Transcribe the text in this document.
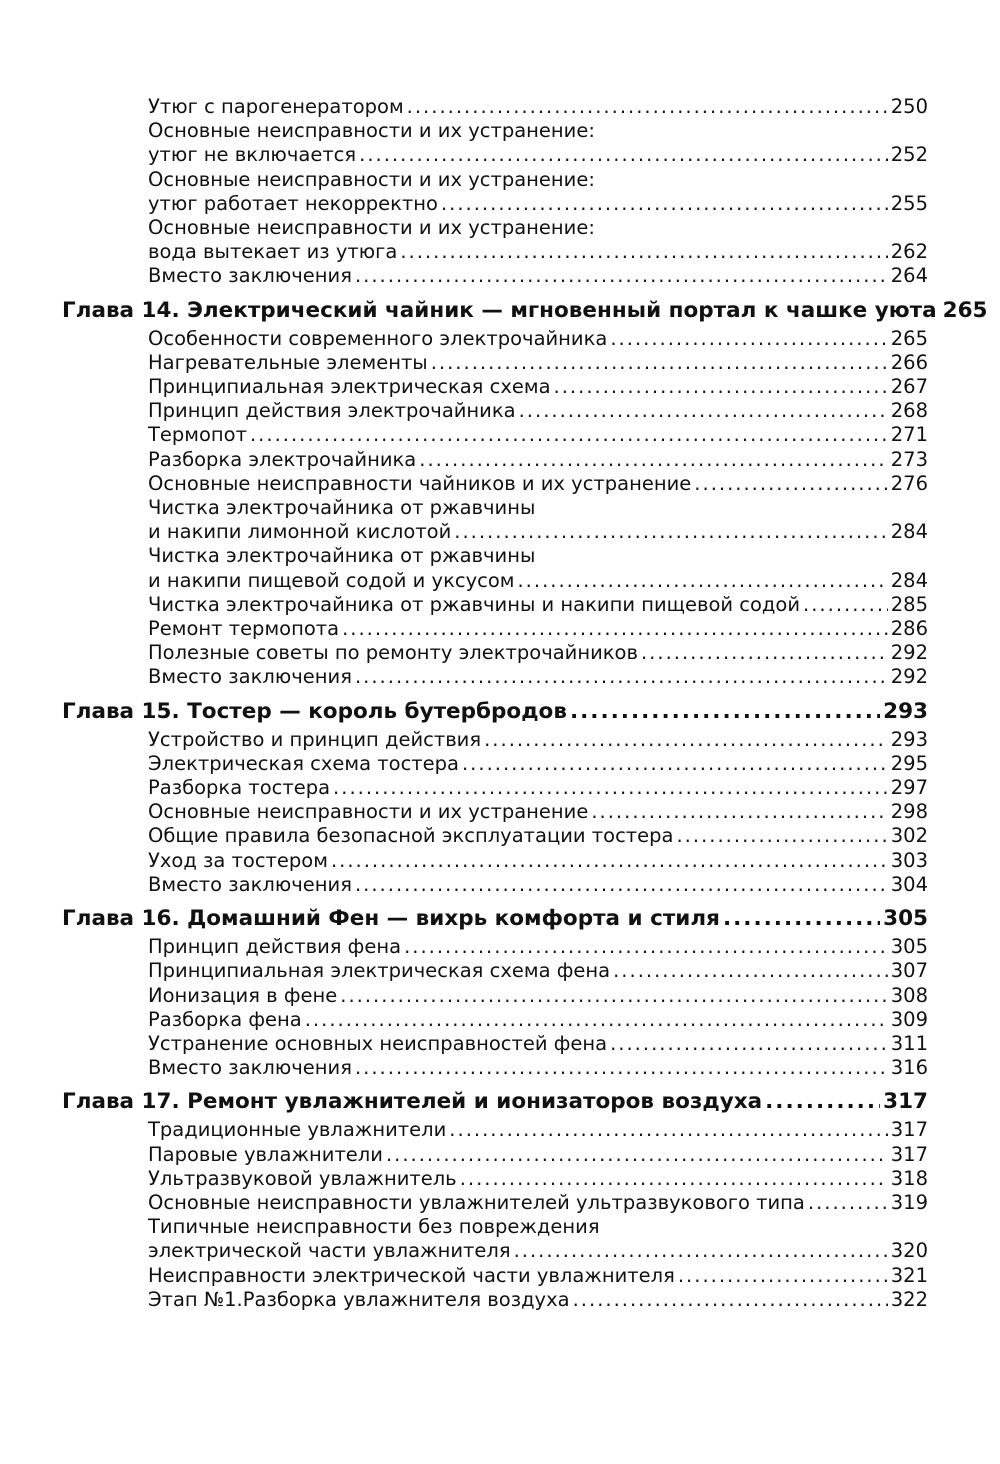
Утюг с парогенератором .....	250
Основные неисправности и их устранение:
утюг не включается .....	252
Основные неисправности и их устранение:
утюг работает некорректно .....	255
Основные неисправности и их устранение:
вода вытекает из утюга .....	262
Вместо заключения .....	264
Глава 14. Электрический чайник — мгновенный портал к чашке уюта 265
Особенности современного электрочайника .....	265
Нагревательные элементы .....	266
Принципиальная электрическая схема .....	267
Принцип действия электрочайника .....	268
Термопот .....	271
Разборка электрочайника .....	273
Основные неисправности чайников и их устранение .....	276
Чистка электрочайника от ржавчины
и накипи лимонной кислотой .....	284
Чистка электрочайника от ржавчины
и накипи пищевой содой и уксусом .....	284
Чистка электрочайника от ржавчины и накипи пищевой содой .....	285
Ремонт термопота .....	286
Полезные советы по ремонту электрочайников .....	292
Вместо заключения .....	292
Глава 15. Тостер — король бутербродов .....	293
Устройство и принцип действия .....	293
Электрическая схема тостера .....	295
Разборка тостера .....	297
Основные неисправности и их устранение .....	298
Общие правила безопасной эксплуатации тостера .....	302
Уход за тостером .....	303
Вместо заключения .....	304
Глава 16. Домашний Фен — вихрь комфорта и стиля .....	305
Принцип действия фена .....	305
Принципиальная электрическая схема фена .....	307
Ионизация в фене .....	308
Разборка фена .....	309
Устранение основных неисправностей фена .....	311
Вместо заключения .....	316
Глава 17. Ремонт увлажнителей и ионизаторов воздуха .....	317
Традиционные увлажнители .....	317
Паровые увлажнители .....	317
Ультразвуковой увлажнитель .....	318
Основные неисправности увлажнителей ультразвукового типа .....	319
Типичные неисправности без повреждения
электрической части увлажнителя .....	320
Неисправности электрической части увлажнителя .....	321
Этап №1.Разборка увлажнителя воздуха .....	322
